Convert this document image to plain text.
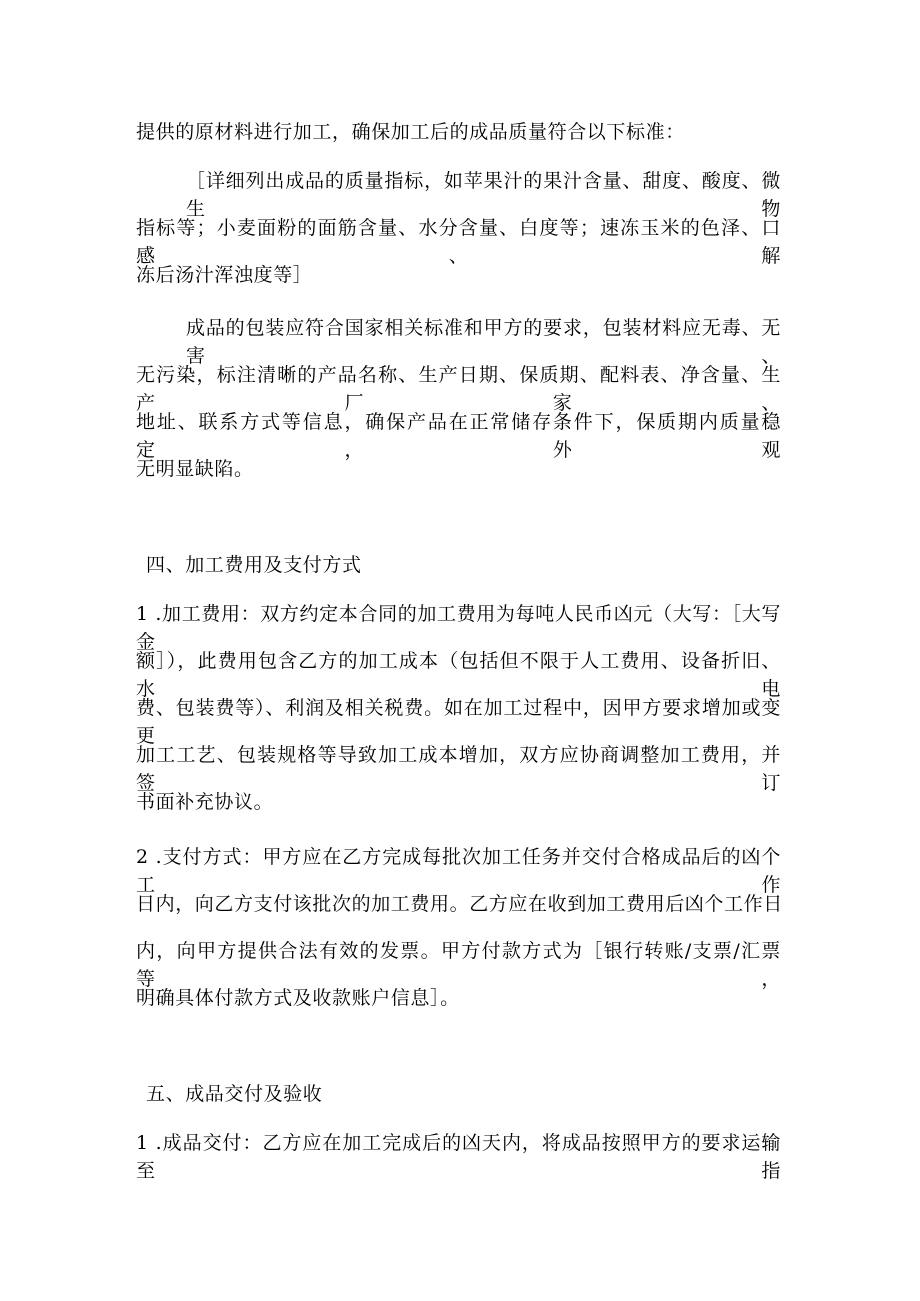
提供的原材料进行加工，确保加工后的成品质量符合以下标准：
［详细列出成品的质量指标，如苹果汁的果汁含量、甜度、酸度、微生物
指标等；小麦面粉的面筋含量、水分含量、白度等；速冻玉米的色泽、口感、解
冻后汤汁浑浊度等］
成品的包装应符合国家相关标准和甲方的要求，包装材料应无毒、无害、
无污染，标注清晰的产品名称、生产日期、保质期、配料表、净含量、生产厂家、
地址、联系方式等信息，确保产品在正常储存条件下，保质期内质量稳定，外观
无明显缺陷。
四、加工费用及支付方式
1 .加工费用：双方约定本合同的加工费用为每吨人民币凶元（大写：［大写金
额］），此费用包含乙方的加工成本（包括但不限于人工费用、设备折旧、水电
费、包装费等）、利润及相关税费。如在加工过程中，因甲方要求增加或变更
加工工艺、包装规格等导致加工成本增加，双方应协商调整加工费用，并签订
书面补充协议。
2 .支付方式：甲方应在乙方完成每批次加工任务并交付合格成品后的凶个工作
日内，向乙方支付该批次的加工费用。乙方应在收到加工费用后凶个工作日
内，向甲方提供合法有效的发票。甲方付款方式为［银行转账/支票/汇票等，
明确具体付款方式及收款账户信息］。
五、成品交付及验收
1 .成品交付：乙方应在加工完成后的凶天内，将成品按照甲方的要求运输至指
